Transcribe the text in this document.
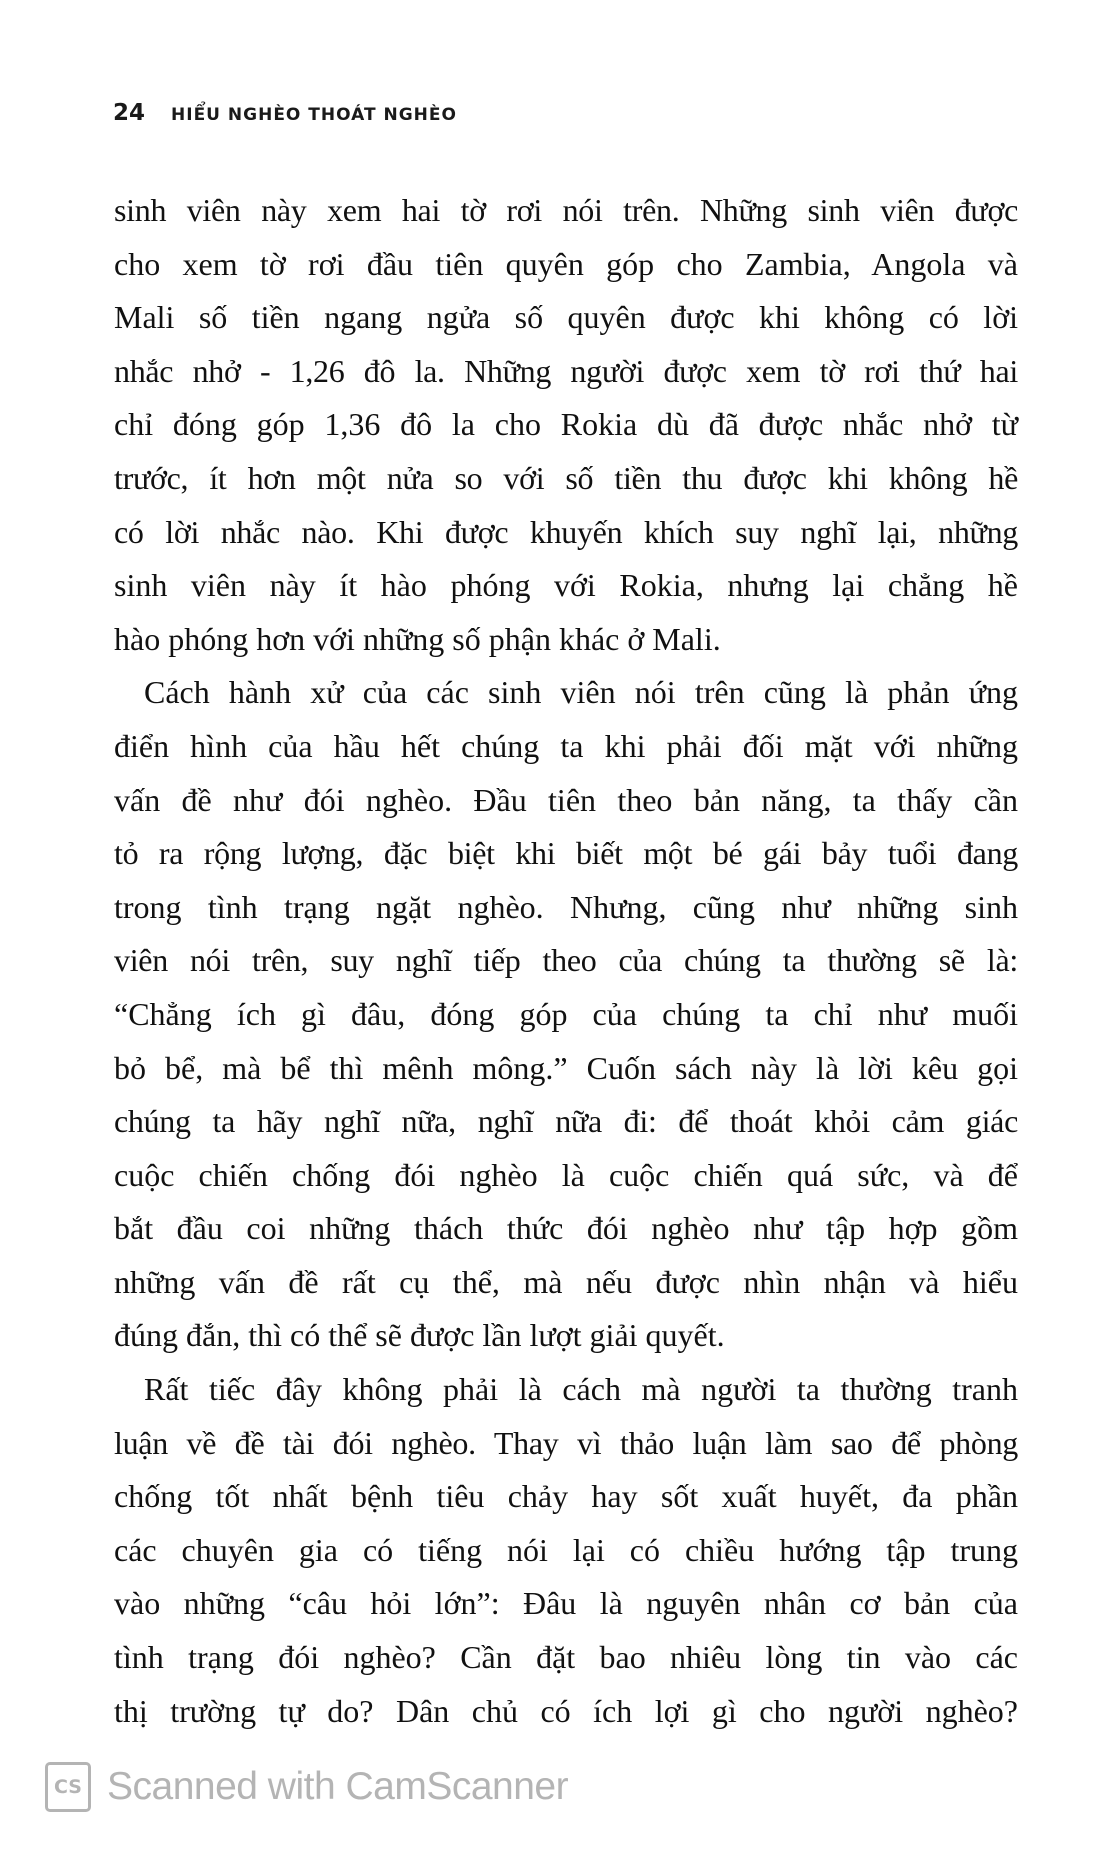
24 HIỂU NGHÈO THOÁT NGHÈO
sinh viên này xem hai tờ rơi nói trên. Những sinh viên được
cho xem tờ rơi đầu tiên quyên góp cho Zambia, Angola và
Mali số tiền ngang ngửa số quyên được khi không có lời
nhắc nhở - 1,26 đô la. Những người được xem tờ rơi thứ hai
chỉ đóng góp 1,36 đô la cho Rokia dù đã được nhắc nhở từ
trước, ít hơn một nửa so với số tiền thu được khi không hề
có lời nhắc nào. Khi được khuyến khích suy nghĩ lại, những
sinh viên này ít hào phóng với Rokia, nhưng lại chẳng hề
hào phóng hơn với những số phận khác ở Mali.
Cách hành xử của các sinh viên nói trên cũng là phản ứng
điển hình của hầu hết chúng ta khi phải đối mặt với những
vấn đề như đói nghèo. Đầu tiên theo bản năng, ta thấy cần
tỏ ra rộng lượng, đặc biệt khi biết một bé gái bảy tuổi đang
trong tình trạng ngặt nghèo. Nhưng, cũng như những sinh
viên nói trên, suy nghĩ tiếp theo của chúng ta thường sẽ là:
“Chẳng ích gì đâu, đóng góp của chúng ta chỉ như muối
bỏ bể, mà bể thì mênh mông.” Cuốn sách này là lời kêu gọi
chúng ta hãy nghĩ nữa, nghĩ nữa đi: để thoát khỏi cảm giác
cuộc chiến chống đói nghèo là cuộc chiến quá sức, và để
bắt đầu coi những thách thức đói nghèo như tập hợp gồm
những vấn đề rất cụ thể, mà nếu được nhìn nhận và hiểu
đúng đắn, thì có thể sẽ được lần lượt giải quyết.
Rất tiếc đây không phải là cách mà người ta thường tranh
luận về đề tài đói nghèo. Thay vì thảo luận làm sao để phòng
chống tốt nhất bệnh tiêu chảy hay sốt xuất huyết, đa phần
các chuyên gia có tiếng nói lại có chiều hướng tập trung
vào những “câu hỏi lớn”: Đâu là nguyên nhân cơ bản của
tình trạng đói nghèo? Cần đặt bao nhiêu lòng tin vào các
thị trường tự do? Dân chủ có ích lợi gì cho người nghèo?
CS Scanned with CamScanner
